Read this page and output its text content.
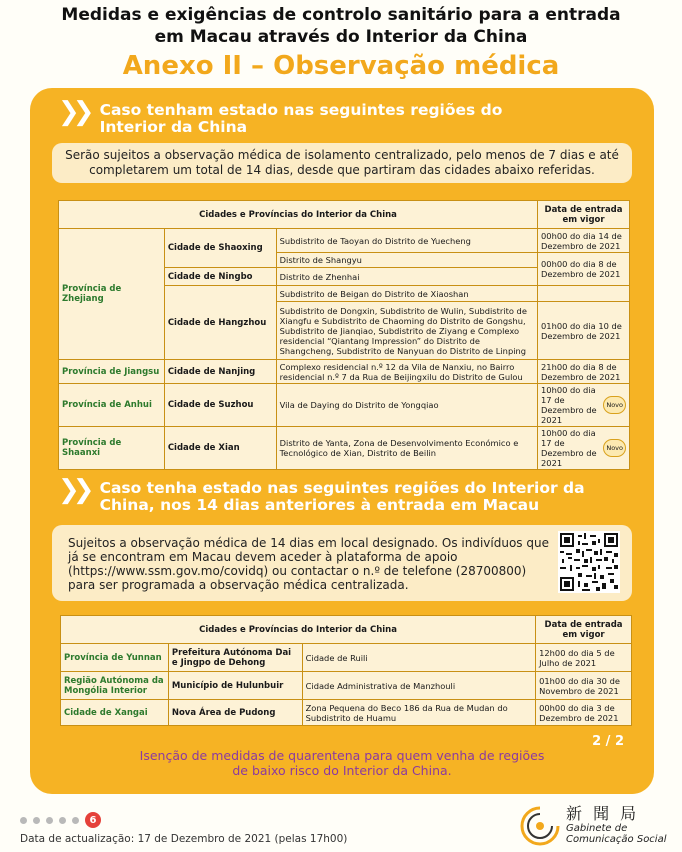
Medidas e exigências de controlo sanitário para a entrada
em Macau através do Interior da China
Anexo II – Observação médica
❯❯ Caso tenham estado nas seguintes regiões do
Interior da China
Serão sujeitos a observação médica de isolamento centralizado, pelo menos de 7 dias e até
completarem um total de 14 dias, desde que partiram das cidades abaixo referidas.
Cidades e Províncias do Interior da China			Data de entrada em vigor
Província de Zhejiang	Cidade de Shaoxing	Subdistrito de Taoyan do Distrito de Yuecheng	00h00 do dia 14 de Dezembro de 2021
		Distrito de Shangyu	00h00 do dia 8 de Dezembro de 2021
	Cidade de Ningbo	Distrito de Zhenhai	
	Cidade de Hangzhou	Subdistrito de Beigan do Distrito de Xiaoshan	
		Subdistrito de Dongxin, Subdistrito de Wulin, Subdistrito de Xiangfu e Subdistrito de Chaoming do Distrito de Gongshu, Subdistrito de Jianqiao, Subdistrito de Ziyang e Complexo residencial “Qiantang Impression” do Distrito de Shangcheng, Subdistrito de Nanyuan do Distrito de Linping	01h00 do dia 10 de Dezembro de 2021
Província de Jiangsu	Cidade de Nanjing	Complexo residencial n.º 12 da Vila de Nanxiu, no Bairro residencial n.º 7 da Rua de Beijingxilu do Distrito de Gulou	21h00 do dia 8 de Dezembro de 2021
Província de Anhui	Cidade de Suzhou	Vila de Daying do Distrito de Yongqiao	10h00 do dia 17 de Dezembro de 2021
Novo

Província de Shaanxi	Cidade de Xian	Distrito de Yanta, Zona de Desenvolvimento Económico e Tecnológico de Xian, Distrito de Beilin	10h00 do dia 17 de Dezembro de 2021
Novo
❯❯ Caso tenha estado nas seguintes regiões do Interior da
China, nos 14 dias anteriores à entrada em Macau
Sujeitos a observação médica de 14 dias em local designado. Os indivíduos que
já se encontram em Macau devem aceder à plataforma de apoio
(https://www.ssm.gov.mo/covidq) ou contactar o n.º de telefone (28700800)
para ser programada a observação médica centralizada.
Cidades e Províncias do Interior da China			Data de entrada em vigor
Província de Yunnan	Prefeitura Autónoma Dai e Jingpo de Dehong	Cidade de Ruili	12h00 do dia 5 de Julho de 2021
Região Autónoma da Mongólia Interior	Município de Hulunbuir	Cidade Administrativa de Manzhouli	01h00 do dia 30 de Novembro de 2021
Cidade de Xangai	Nova Área de Pudong	Zona Pequena do Beco 186 da Rua de Mudan do Subdistrito de Huamu	00h00 do dia 3 de Dezembro de 2021
2 / 2
Isenção de medidas de quarentena para quem venha de regiões
de baixo risco do Interior da China.
6
Data de actualização: 17 de Dezembro de 2021 (pelas 17h00)
新 聞 局
Gabinete de
Comunicação Social
